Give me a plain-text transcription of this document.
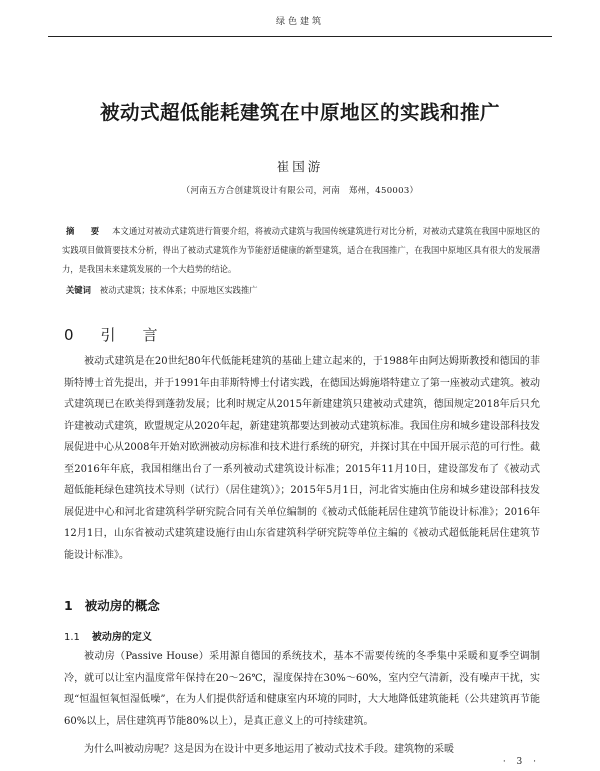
绿色建筑
被动式超低能耗建筑在中原地区的实践和推广
崔国游
（河南五方合创建筑设计有限公司，河南　郑州，450003）
摘　要 本文通过对被动式建筑进行简要介绍，将被动式建筑与我国传统建筑进行对比分析，对被动式建筑在我国中原地区的实践项目做简要技术分析，得出了被动式建筑作为节能舒适健康的新型建筑，适合在我国推广，在我国中原地区具有很大的发展潜力，是我国未来建筑发展的一个大趋势的结论。
关键词 被动式建筑；技术体系；中原地区实践推广
0　引　言
被动式建筑是在20世纪80年代低能耗建筑的基础上建立起来的，于1988年由阿达姆斯教授和德国的菲斯特博士首先提出，并于1991年由菲斯特博士付诸实践，在德国达姆施塔特建立了第一座被动式建筑。被动式建筑现已在欧美得到蓬勃发展；比利时规定从2015年新建建筑只建被动式建筑，德国规定2018年后只允许建被动式建筑，欧盟规定从2020年起，新建建筑都要达到被动式建筑标准。我国住房和城乡建设部科技发展促进中心从2008年开始对欧洲被动房标准和技术进行系统的研究，并探讨其在中国开展示范的可行性。截至2016年年底，我国相继出台了一系列被动式建筑设计标准；2015年11月10日，建设部发布了《被动式超低能耗绿色建筑技术导则（试行）（居住建筑）》；2015年5月1日，河北省实施由住房和城乡建设部科技发展促进中心和河北省建筑科学研究院合同有关单位编制的《被动式低能耗居住建筑节能设计标准》；2016年12月1日，山东省被动式建筑建设施行由山东省建筑科学研究院等单位主编的《被动式超低能耗居住建筑节能设计标准》。
1 被动房的概念
1.1 被动房的定义
被动房（Passive House）采用源自德国的系统技术，基本不需要传统的冬季集中采暖和夏季空调制冷，就可以让室内温度常年保持在20～26℃，湿度保持在30%～60%，室内空气清新，没有噪声干扰，实现“恒温恒氧恒湿低噪”，在为人们提供舒适和健康室内环境的同时，大大地降低建筑能耗（公共建筑再节能60%以上，居住建筑再节能80%以上），是真正意义上的可持续建筑。
为什么叫被动房呢？这是因为在设计中更多地运用了被动式技术手段。建筑物的采暖
· 3 ·
